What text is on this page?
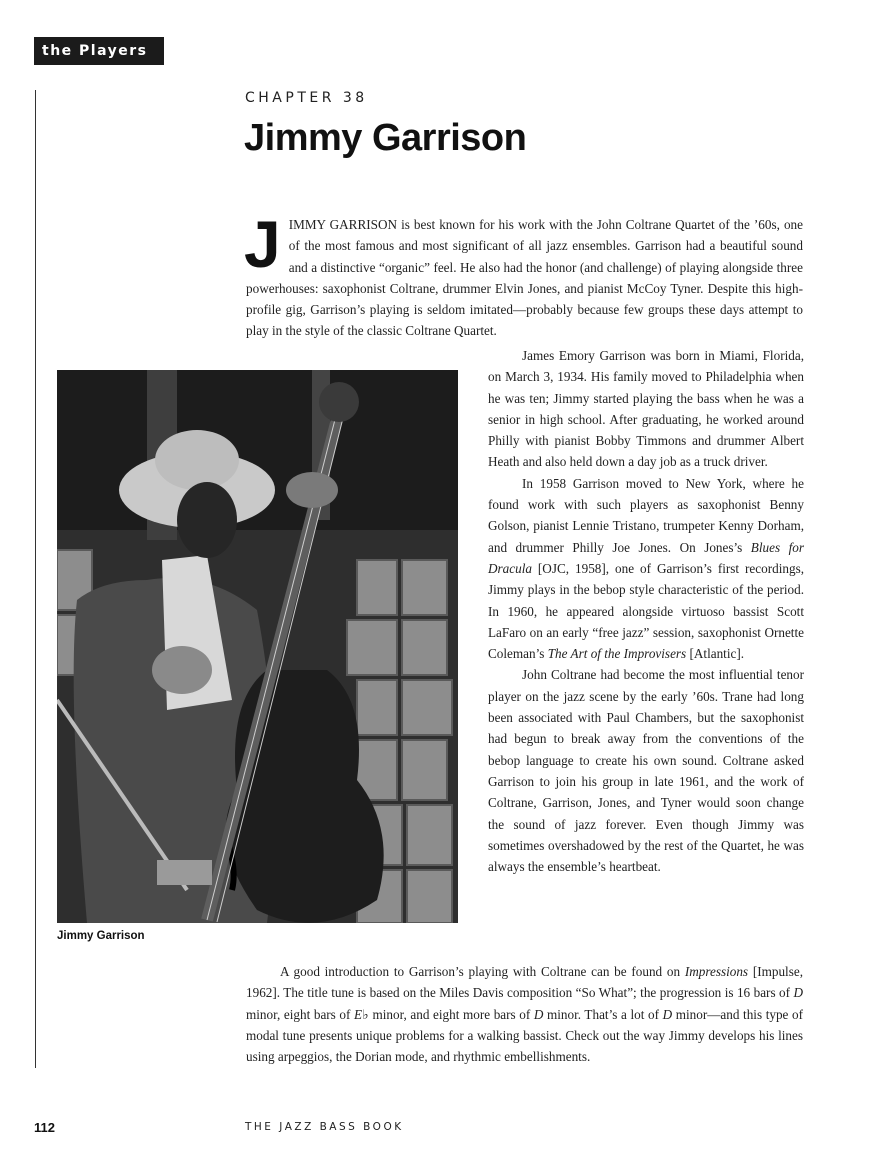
the Players
CHAPTER 38
Jimmy Garrison

JIMMY GARRISON is best known for his work with the John Coltrane Quartet of the ’60s, one of the most famous and most significant of all jazz ensembles. Garrison had a beautiful sound and a distinctive “organic” feel. He also had the honor (and challenge) of playing alongside three powerhouses: saxophonist Coltrane, drummer Elvin Jones, and pianist McCoy Tyner. Despite this high-profile gig, Garrison’s playing is seldom imitated—probably because few groups these days attempt to play in the style of the classic Coltrane Quartet.

Jimmy Garrison

James Emory Garrison was born in Miami, Florida, on March 3, 1934. His family moved to Philadelphia when he was ten; Jimmy started playing the bass when he was a senior in high school. After graduating, he worked around Philly with pianist Bobby Timmons and drummer Albert Heath and also held down a day job as a truck driver.

In 1958 Garrison moved to New York, where he found work with such players as saxophonist Benny Golson, pianist Lennie Tristano, trumpeter Kenny Dorham, and drummer Philly Joe Jones. On Jones’s Blues for Dracula [OJC, 1958], one of Garrison’s first recordings, Jimmy plays in the bebop style characteristic of the period. In 1960, he appeared alongside virtuoso bassist Scott LaFaro on an early “free jazz” session, saxophonist Ornette Coleman’s The Art of the Improvisers [Atlantic].

John Coltrane had become the most influential tenor player on the jazz scene by the early ’60s. Trane had long been associated with Paul Chambers, but the saxophonist had begun to break away from the conventions of the bebop language to create his own sound. Coltrane asked Garrison to join his group in late 1961, and the work of Coltrane, Garrison, Jones, and Tyner would soon change the sound of jazz forever. Even though Jimmy was sometimes overshadowed by the rest of the Quartet, he was always the ensemble’s heartbeat.

A good introduction to Garrison’s playing with Coltrane can be found on Impressions [Impulse, 1962]. The title tune is based on the Miles Davis composition “So What”; the progression is 16 bars of D minor, eight bars of E♭ minor, and eight more bars of D minor. That’s a lot of D minor—and this type of modal tune presents unique problems for a walking bassist. Check out the way Jimmy develops his lines using arpeggios, the Dorian mode, and rhythmic embellishments.

112	THE JAZZ BASS BOOK
